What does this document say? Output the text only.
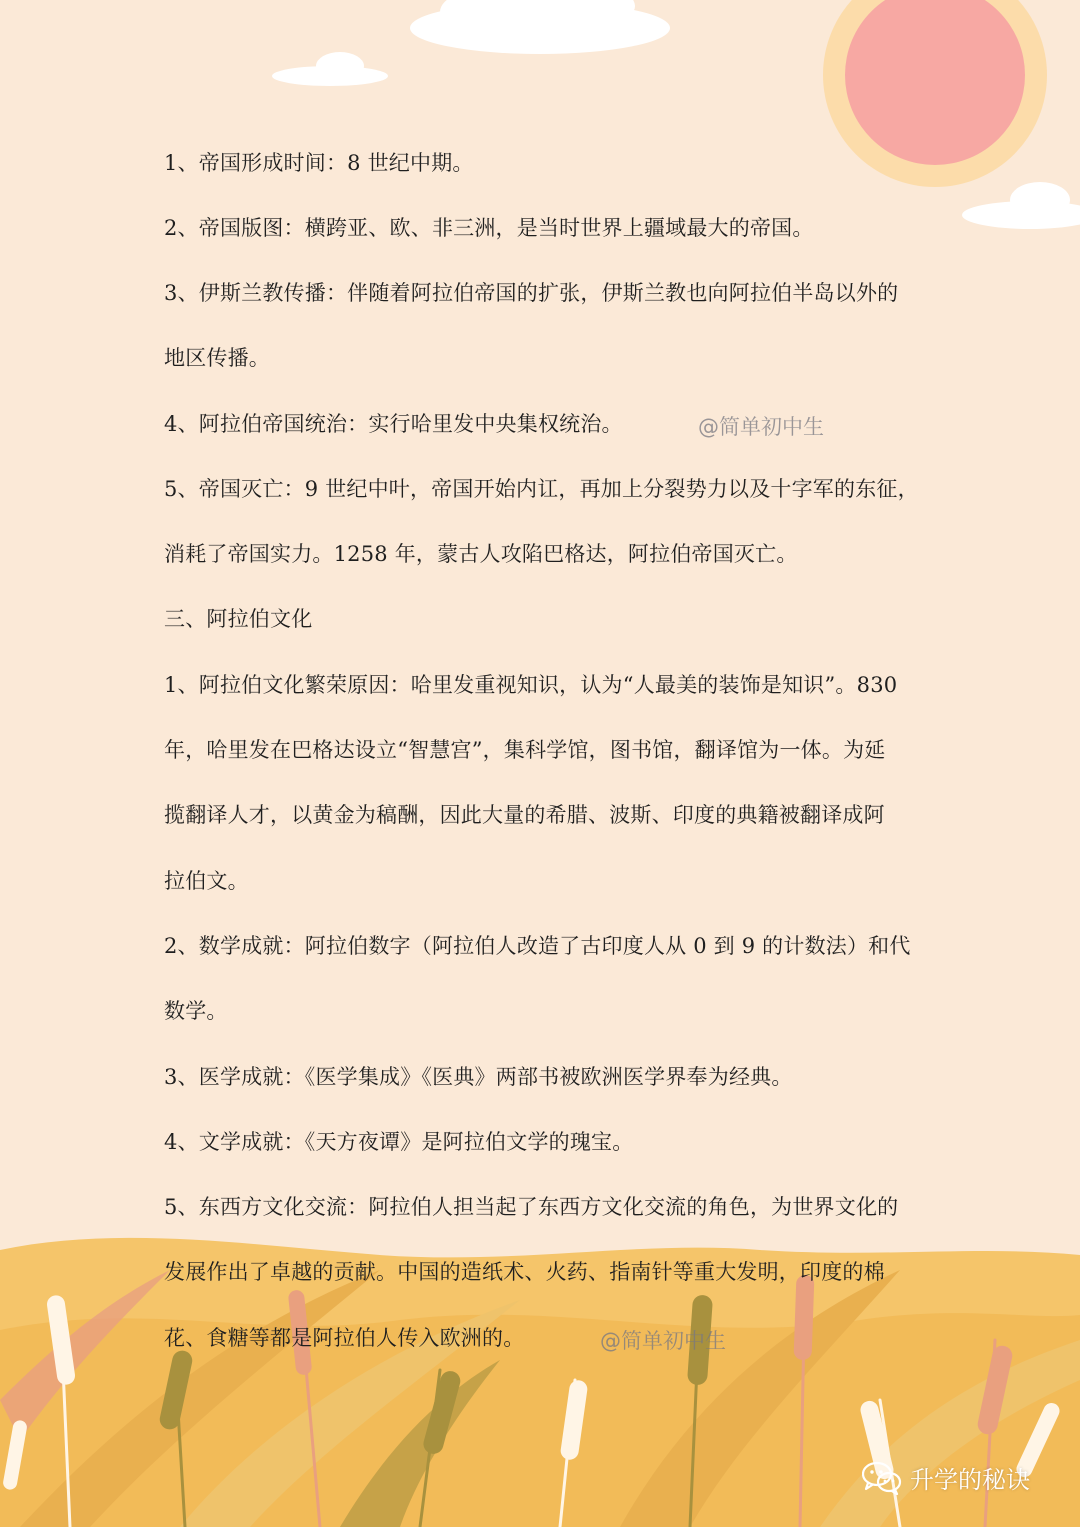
1、帝国形成时间：8 世纪中期。
2、帝国版图：横跨亚、欧、非三洲，是当时世界上疆域最大的帝国。
3、伊斯兰教传播：伴随着阿拉伯帝国的扩张，伊斯兰教也向阿拉伯半岛以外的
地区传播。
4、阿拉伯帝国统治：实行哈里发中央集权统治。
5、帝国灭亡：9 世纪中叶，帝国开始内讧，再加上分裂势力以及十字军的东征，
消耗了帝国实力。1258 年，蒙古人攻陷巴格达，阿拉伯帝国灭亡。
三、阿拉伯文化
1、阿拉伯文化繁荣原因：哈里发重视知识，认为“人最美的装饰是知识”。830
年，哈里发在巴格达设立“智慧宫”，集科学馆，图书馆，翻译馆为一体。为延
揽翻译人才，以黄金为稿酬，因此大量的希腊、波斯、印度的典籍被翻译成阿
拉伯文。
2、数学成就：阿拉伯数字（阿拉伯人改造了古印度人从 0 到 9 的计数法）和代
数学。
3、医学成就：《医学集成》《医典》两部书被欧洲医学界奉为经典。
4、文学成就：《天方夜谭》是阿拉伯文学的瑰宝。
5、东西方文化交流：阿拉伯人担当起了东西方文化交流的角色，为世界文化的
发展作出了卓越的贡献。中国的造纸术、火药、指南针等重大发明，印度的棉
花、食糖等都是阿拉伯人传入欧洲的。
@简单初中生
@简单初中生
升学的秘诀
